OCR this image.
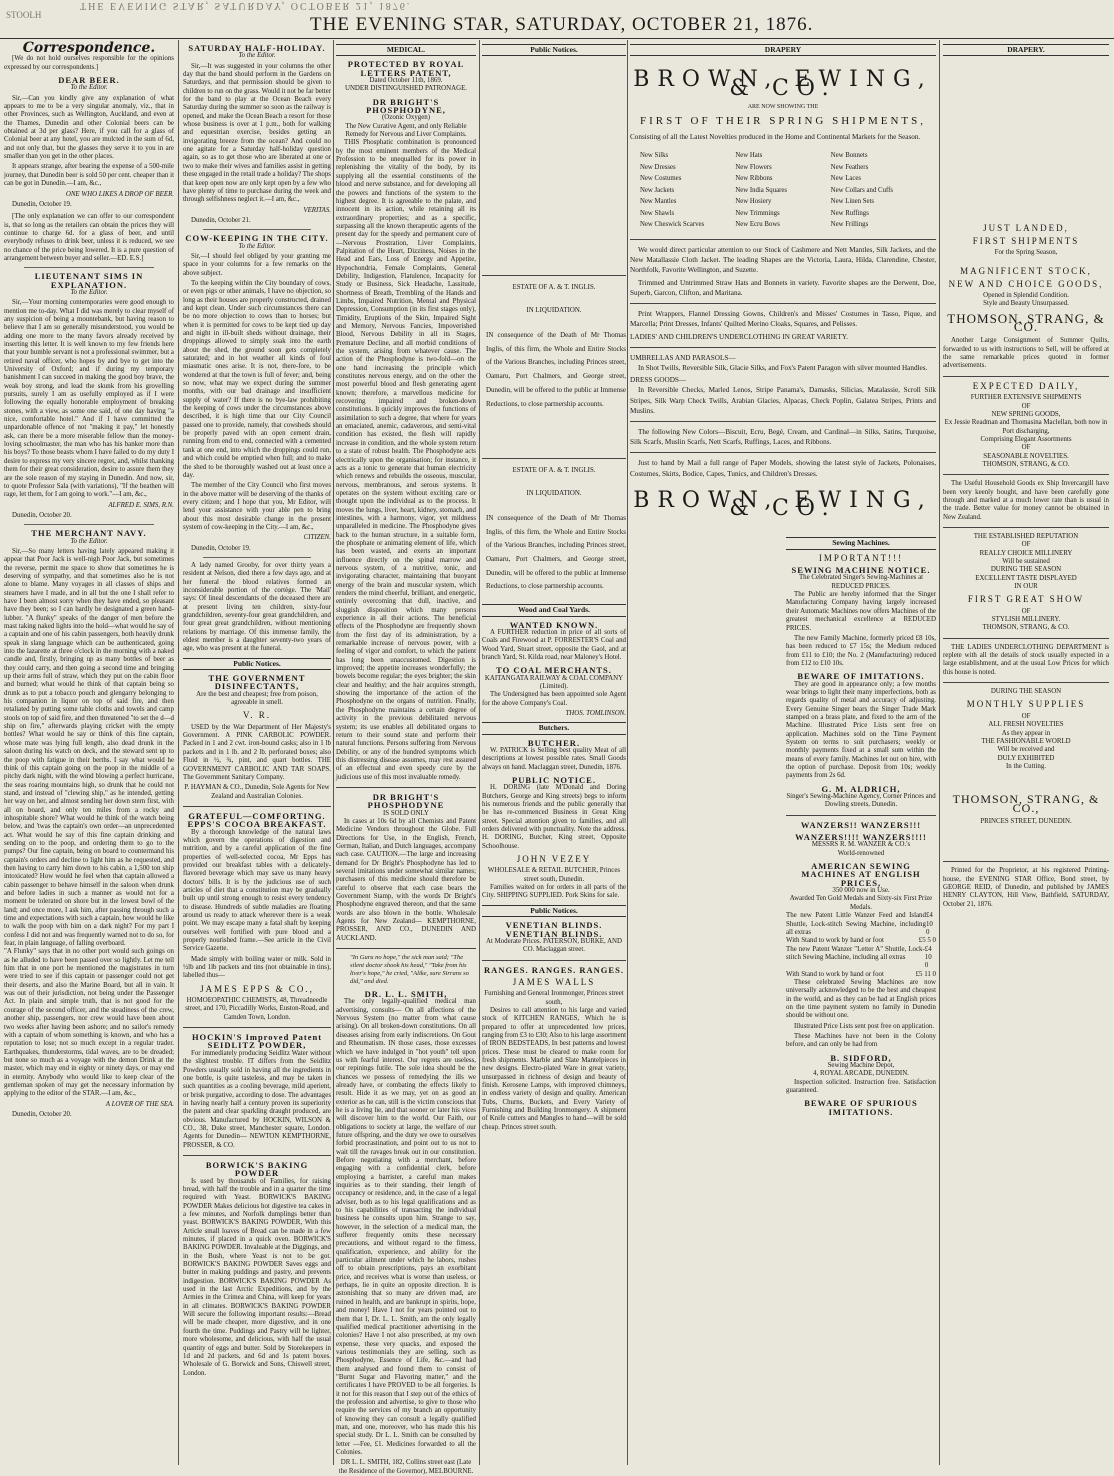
STOOLH
THE EVENING STAR, SATURDAY, OCTOBER 21, 1876.
THE EVENING STAR, SATURDAY, OCTOBER 21, 1876.
Correspondence.

[We do not hold ourselves responsible for the opinions expressed by our correspondents.]

DEAR BEER.
To the Editor.

Sir,—Can you kindly give any explanation of what appears to me to be a very singular anomaly, viz., that in other Provinces, such as Wellington, Auckland, and even at the Thames, Dunedin and other Colonial beers can be obtained at 3d per glass? Here, if you call for a glass of Colonial beer at any hotel, you are mulcted in the sum of 6d, and not only that, but the glasses they serve it to you in are smaller than you get in the other places.

It appears strange, after bearing the expense of a 500-mile journey, that Dunedin beer is sold 50 per cent. cheaper than it can be got in Dunedin.—I am, &c.,

ONE WHO LIKES A DROP OF BEER.
Dunedin, October 19.

[The only explanation we can offer to our correspondent is, that so long as the retailers can obtain the prices they will continue to charge 6d. for a glass of beer, and until everybody refuses to drink beer, unless it is reduced, we see no chance of the price being lowered. It is a pure question of arrangement between buyer and seller.—ED. E.S.]

LIEUTENANT SIMS IN EXPLANATION.
To the Editor.

Sir,—Your morning contemporaries were good enough to mention me to-day. What I did was merely to clear myself of any suspicion of being a mountebank, but having reason to believe that I am so generally misunderstood, you would be adding one more to the many favors already received by inserting this letter. It is well known to my few friends here that your humble servant is not a professional swimmer, but a retired naval officer, who hopes by and bye to get into the University of Oxford; and if during my temporary banishment I can succeed in making the good boy brave, the weak boy strong, and lead the skunk from his grovelling pursuits, surely I am as usefully employed as if I were following the equally honorable employment of breaking stones, with a view, as some one said, of one day having "a nice, comfortable hotel." And if I have committed the unpardonable offence of not "making it pay," let honestly ask, can there be a more miserable fellow than the money-loving schoolmaster, the man who has his banker more than his boys? To those beasts whom I have failed to do my duty I desire to express my very sincere regret, and, whilst thanking them for their great consideration, desire to assure them they are the sole reason of my staying in Dunedin. And now, sir, to quote Professor Sala (with variations), "If the heathen will rage, let them, for I am going to work."—I am, &c.,

ALFRED E. SIMS, R.N.
Dunedin, October 20.
THE MERCHANT NAVY.
To the Editor.

Sir,—So many letters having lately appeared making it appear that Poor Jack is well-nigh Poor Jack, but sometimes the reverse, permit me space to show that sometimes he is deserving of sympathy, and that sometimes also he is not alone to blame. Many voyages in all classes of ships and steamers have I made, and in all but the one I shall refer to have I been almost sorry when they have ended, so pleasant have they been; so I can hardly be designated a green hand-lubber. "A flunky" speaks of the danger of men before the mast taking naked lights into the hold—what would he say of a captain and one of his cabin passengers, both heavily drunk speak in slang language which can be authenticated, going into the lazarette at three o'clock in the morning with a naked candle and, firstly, bringing up as many bottles of beer as they could carry, and then going a second time and bringing up their arms full of straw, which they put on the cabin floor and burned; what would he think of that captain being so drunk as to put a tobacco pouch and glengarry belonging to his companion in liquor on top of said fire, and then retaliated by putting some table cloths and towels and camp stools on top of said fire, and then threatened "to set the d—d ship on fire," afterwards playing cricket with the empty bottles? What would he say or think of this fine captain, whose mate was lying full length, also dead drunk in the saloon during his watch on deck, and the steward sent up to the poop with fatigue in their berths. I say what would he think of this captain going on the poop in the middle of a pitchy dark night, with the wind blowing a perfect hurricane, the seas roaring mountains high, so drunk that he could not stand, and instead of "clewing ship," as he intended, getting her way on her, and almost sending her down stern first, with all on board, and only ten miles from a rocky and inhospitable shore? What would he think of the watch being below, and 'twas the captain's own order—an unprecedented act. What would he say of this fine captain drinking and sending on to the poop, and ordering them to go to the pumps? Our fine captain, being on board to countermand his captain's orders and decline to light him as he requested, and then having to carry him down to his cabin, a 1,500 ton ship intoxicated? How would he feel when that captain allowed a cabin passenger to behave himself in the saloon when drunk and before ladies in such a manner as would not for a moment be tolerated on shore but in the lowest bowl of the land; and once more, I ask him, after passing through such a time and expectations with such a captain, how would he like to walk the poop with him on a dark night? For my part I confess I did not and was frequently warned not to do so, for fear, in plain language, of falling overboard.
"A Flunky" says that in no other port would such goings on as he alluded to have been passed over so lightly. Let me tell him that in one port he mentioned the magistrates in turn were tried to see if this captain or passenger could not get their deserts, and also the Marine Board, but all in vain. It was out of their jurisdiction, not being under the Passenger Act. In plain and simple truth, that is not good for the courage of the second officer, and the steadiness of the crew, another ship, passengers, nor crew would have been about two weeks after having been ashore; and no sailor's remedy with a captain of whom something is known, and who has a reputation to lose; not so much except in a regular trader. Earthquakes, thunderstorms, tidal waves, are to be dreaded; but none so much as a voyage with the demon Drink at the master, which may end in eighty or ninety days, or may end in eternity. Anybody who would like to keep clear of the gentleman spoken of may get the necessary information by applying to the editor of the STAR.—I am, &c.,

A LOVER OF THE SEA.
Dunedin, October 20.
SATURDAY HALF-HOLIDAY.
To the Editor.

Sir,—It was suggested in your columns the other day that the band should perform in the Gardens on Saturdays, and that permission should be given to children to run on the grass. Would it not be far better for the band to play at the Ocean Beach every Saturday during the summer so soon as the railway is opened, and make the Ocean Beach a resort for those whose business is over at 1 p.m., both for walking and equestrian exercise, besides getting an invigorating breeze from the ocean? And could no one agitate for a Saturday half-holiday question again, so as to get those who are liberated at one or two to make their wives and families assist in getting these engaged in the retail trade a holiday? The shops that keep open now are only kept open by a few who have plenty of time to purchase during the week and through selfishness neglect it.—I am, &c.,

VERITAS.
Dunedin, October 21.
COW-KEEPING IN THE CITY.
To the Editor.

Sir,—I should feel obliged by your granting me space in your columns for a few remarks on the above subject.

To the keeping within the City boundary of cows, or even pigs or other animals, I have no objection, so long as their houses are properly constructed, drained and kept clean. Under such circumstances there can be no more objection to cows than to horses; but when it is permitted for cows to be kept tied up day and night in ill-built sheds without drainage, their droppings allowed to simply soak into the earth about the shed, the ground soon gets completely saturated; and in hot weather all kinds of foul miasmatic ones arise. It is not, there-fore, to be wondered at that the town is full of fever; and, being so now, what may we expect during the summer months, with our bad drainage and insufficient supply of water? If there is no bye-law prohibiting the keeping of cows under the circumstances above described, it is high time that our City Council passed one to provide, namely, that cowsheds should be properly paved with an open cement drain, running from end to end, connected with a cemented tank at one end, into which the droppings could run, and which could be emptied when full; and to make the shed to be thoroughly washed out at least once a day.

The member of the City Council who first moves in the above matter will be deserving of the thanks of every citizen; and I hope that you, Mr Editor, will lend your assistance with your able pen to bring about this most desirable change in the present system of cow-keeping in the City.—I am, &c.,

CITIZEN.
Dunedin, October 19.

A lady named Grooby, for over thirty years a resident at Nelson, died there a few days ago, and at her funeral the blood relatives formed an inconsiderable portion of the cortège. The 'Mail' says: Of lineal descendants of the deceased there are at present living ten children, sixty-four grandchildren, seventy-four great grandchildren, and four great great grandchildren, without mentioning relations by marriage. Of this immense family, the eldest member is a daughter seventy-two years of age, who was present at the funeral.

Public Notices.
THE GOVERNMENT DISINFECTANTS,
Are the best and cheapest; free from poison, agreeable in smell.
V. R.

USED by the War Department of Her Majesty's Government. A PINK CARBOLIC POWDER. Packed in 1 and 2 cwt. iron-bound casks; also in 1 lb packets and in 1 lb. and 2 lb. perforated boxes; also Fluid in ½, ¾, pint, and quart bottles. THE GOVERNMENT CARBOLIC AND TAR SOAPS. The Government Sanitary Company.

P. HAYMAN & CO., Dunedin, Sole Agents for New Zealand and Australian Colonies.
GRATEFUL—COMFORTING. EPPS'S COCOA BREAKFAST.

By a thorough knowledge of the natural laws which govern the operations of digestion and nutrition, and by a careful application of the fine properties of well-selected cocoa, Mr Epps has provided our breakfast tables with a delicately-flavored beverage which may save us many heavy doctors' bills. It is by the judicious use of such articles of diet that a constitution may be gradually built up until strong enough to resist every tendency to disease. Hundreds of subtle maladies are floating around us ready to attack wherever there is a weak point. We may escape many a fatal shaft by keeping ourselves well fortified with pure blood and a properly nourished frame.—See article in the Civil Service Gazette.

Made simply with boiling water or milk. Sold in ½lb and 1lb packets and tins (not obtainable in tins), labelled thus—

JAMES EPPS & CO.,
HOMOEOPATHIC CHEMISTS, 48, Threadneedle street, and 170, Piccadilly Works, Euston-Road, and Camden Town, London.
HOCKIN'S Improved Patent SEIDLITZ POWDER,

For immediately producing Seidlitz Water without the slightest trouble. IT differs from the Seidlitz Powders usually sold in having all the ingredients in one bottle, is quite tasteless, and may be taken in such quantities as a cooling beverage, mild aperient, or brisk purgative, according to dose. The advantages in having nearly half a century proven its superiority the patent and clear sparkling draught produced, are obvious. Manufactured by HOCKIN, WILSON & CO., 38, Duke street, Manchester square, London. Agents for Dunedin— NEWTON KEMPTHORNE, PROSSER, & CO.

BORWICK'S BAKING POWDER

Is used by thousands of Families, for raising bread, with half the trouble and in a quarter the time required with Yeast. BORWICK'S BAKING POWDER Makes delicious hot digestive tea cakes in a few minutes, and Norfolk dumplings better than yeast. BORWICK'S BAKING POWDER, With this Article small loaves of Bread can be made in a few minutes, if placed in a quick oven. BORWICK'S BAKING POWDER. Invaluable at the Diggings, and in the Bush, where Yeast is not to be got. BORWICK'S BAKING POWDER Saves eggs and butter in making puddings and pastry, and prevents indigestion. BORWICK'S BAKING POWDER As used in the last Arctic Expeditions, and by the Armies in the Crimea and China, will keep for years in all climates. BORWICK'S BAKING POWDER Will secure the following important results:—Bread will be made cheaper, more digestive, and in one fourth the time. Puddings and Pastry will be lighter, more wholesome, and delicious, with half the usual quantity of eggs and butter. Sold by Storekeepers in 1d and 2d packets, and 6d and 1s patent boxes. Wholesale of G. Borwick and Sons, Chiswell street, London.

MEDICAL.
PROTECTED BY ROYAL LETTERS PATENT,
Dated October 11th, 1869.
UNDER DISTINGUISHED PATRONAGE.
DR BRIGHT'S PHOSPHODYNE,
(Ozonic Oxygen)
The New Curative Agent, and only Reliable Remedy for Nervous and Liver Complaints.

THIS Phosphatic combination is pronounced by the most eminent members of the Medical Profession to be unequalled for its power in replenishing the vitality of the body, by its supplying all the essential constituents of the blood and nerve substance, and for developing all the powers and functions of the system to the highest degree. It is agreeable to the palate, and innocent in its action, while retaining all its extraordinary properties; and as a specific, surpassing all the known therapeutic agents of the present day for the speedy and permanent cure of—Nervous Prostration, Liver Complaints, Palpitation of the Heart, Dizziness, Noises in the Head and Ears, Loss of Energy and Appetite, Hypochondria, Female Complaints, General Debility, Indigestion, Flatulence, Incapacity for Study or Business, Sick Headache, Lassitude, Shortness of Breath, Trembling of the Hands and Limbs, Impaired Nutrition, Mental and Physical Depression, Consumption (in its first stages only), Timidity, Eruptions of the Skin, Impaired Sight and Memory, Nervous Fancies, Impoverished Blood, Nervous Debility in all its Stages, Premature Decline, and all morbid conditions of the system, arising from whatever cause. The action of the Phosphodyne is two-fold—on the one hand increasing the principle which constitutes nervous energy, and on the other the most powerful blood and flesh generating agent known; therefore, a marvellous medicine for recovering impaired and broken-down constitutions. It quickly improves the functions of assimilation to such a degree, that where for years an emaciated, anemic, cadaverous, and semi-vital condition has existed, the flesh will rapidly increase in condition, and the whole system return to a state of robust health. The Phosphodyne acts electrically upon the organisation; for instance, it acts as a tonic to generate that human electricity which renews and rebuilds the osseous, muscular, nervous, membranous, and serous systems. It operates on the system without exciting care or thought upon the individual as to the process. It moves the lungs, liver, heart, kidney, stomach, and intestines, with a harmony, vigor, yet mildness unparalleled in medicine. The Phosphodyne gives back to the human structure, in a suitable form, the phosphate or animating element of life, which has been wasted, and exerts an important influence directly on the spinal marrow and nervous system, of a nutritive, tonic, and invigorating character, maintaining that buoyant energy of the brain and muscular system, which renders the mind cheerful, brilliant, and energetic, entirely overcoming that dull, inactive, and sluggish disposition which many persons experience in all their actions. The beneficial effects of the Phosphodyne are frequently shown from the first day of its administration, by a remarkable increase of nervous power, with a feeling of vigor and comfort, to which the patient has long been unaccustomed. Digestion is improved; the appetite increases wonderfully; the bowels become regular; the eyes brighter; the skin clear and healthy; and the hair acquires strength, showing the importance of the action of the Phosphodyne on the organs of nutrition. Finally, the Phosphodyne maintains a certain degree of activity in the previous debilitated nervous system; its use enables all debilitated organs to return to their sound state and perform their natural functions. Persons suffering from Nervous Debility, or any of the hundred symptoms which this distressing disease assumes, may rest assured of an effectual and even speedy cure by the judicious use of this most invaluable remedy.

DR BRIGHT'S PHOSPHODYNE
IS SOLD ONLY

In cases at 10s 6d by all Chemists and Patent Medicine Vendors throughout the Globe. Full Directions for Use, in the English, French, German, Italian, and Dutch languages, accompany each case. CAUTION.—The large and increasing demand for Dr Bright's Phosphodyne has led to several imitations under somewhat similar names; purchasers of this medicine should therefore be careful to observe that each case bears the Government Stamp, with the words Dr Bright's Phosphodyne engraved thereon, and that the same words are also blown in the bottle. Wholesale Agents for New Zealand— KEMPTHORNE, PROSSER, AND CO., DUNEDIN AND AUCKLAND.

"In Guru no hope," the sick man said; "The silent doctor shook his head," "Take from his liver's hope," he cried, "Alike, sure Sirrans so did," and died.
DR. L. L. SMITH,

The only legally-qualified medical man advertising, consults— On all affections of the Nervous System (no matter from what cause arising). On all broken-down constitutions. On all diseases arising from early indiscretions. On Gout and Rheumatism. IN those cases, those excesses which we have indulged in "hot youth" tell upon us with fearful interest. Our regrets are useless, our repinings futile. The sole idea should be the chances we possess of remedying the ills we already have, or combating the effects likely to result. Hide it as we may, yet on as good an exterior as he can, still is the victim conscious that he is a living lie, and that sooner or later his vices will discover him to the world. Our Faith, our obligations to society at large, the welfare of our future offspring, and the duty we owe to ourselves forbid procrastination, and point out to us not to wait till the ravages break out in our constitution. Before negotiating with a merchant, before engaging with a confidential clerk, before employing a barrister, a careful man makes inquiries as to their standing, their length of occupancy or residence, and, in the case of a legal adviser, both as to his legal qualifications and as to his capabilities of transacting the individual business he consults upon him. Strange to say, however, in the selection of a medical man, the sufferer frequently omits these necessary precautions, and without regard to the fitness, qualification, experience, and ability for the particular ailment under which he labors, rushes off to obtain prescriptions, pays an exorbitant price, and receives what is worse than useless, or perhaps, lie in quite an opposite direction. It is astonishing that so many are driven mad, are ruined in health, and are bankrupt in spirits, hope, and money! Have I not for years pointed out to them that I, Dr. L. L. Smith, am the only legally qualified medical practitioner advertising in the colonies? Have I not also prescribed, at my own expense, these very quacks, and exposed the various testimonials they are selling, such as Phosphodyne, Essence of Life, &c.—and had them analysed and found them to consist of "Burnt Sugar and Flavoring matter," and the certificates I have PROVED to be all forgeries. Is it not for this reason that I step out of the ethics of the profession and advertise, to give to those who require the services of my branch an opportunity of knowing they can consult a legally qualified man, and one, moreover, who has made this his special study. Dr L. L. Smith can be consulted by letter —Fee, £1. Medicines forwarded to all the Colonies.

DR L. L. SMITH, 182, Collins street east (Late the Residence of the Governor), MELBOURNE.
Public Notices.
ESTATE OF A. & T. INGLIS.
IN LIQUIDATION.
IN consequence of the Death of Mr Thomas Inglis, of this firm, the Whole and Entire Stocks of the Various Branches, including Princes street, Oamaru, Port Chalmers, and George street, Dunedin, will be offered to the public at Immense Reductions, to close partnership accounts.
ESTATE OF A. & T. INGLIS.
IN LIQUIDATION.
IN consequence of the Death of Mr Thomas Inglis, of this firm, the Whole and Entire Stocks of the Various Branches, including Princes street, Oamaru, Port Chalmers, and George street, Dunedin, will be offered to the public at Immense Reductions, to close partnership accounts.
Wood and Coal Yards.
WANTED KNOWN.

A FURTHER reduction in price of all sorts of Coals and Firewood at P. FORRESTER'S Coal and Wood Yard, Stuart street, opposite the Gaol, and at branch Yard, St. Kilda road, near Maloney's Hotel.

TO COAL MERCHANTS.
KAITANGATA RAILWAY & COAL COMPANY (Limited).

The Undersigned has been appointed sole Agent for the above Company's Coal.

THOS. TOMLINSON.
Butchers.
BUTCHER.

W. PATRICK is Selling best quality Meat of all descriptions at lowest possible rates. Small Goods always on hand. Maclaggan street, Dunedin, 1876.

PUBLIC NOTICE.

H. DORING (late M'Donald and Doring Butchers, George and King streets) begs to inform his numerous friends and the public generally that he has re-commenced Business in Great King street. Special attention given to families, and all orders delivered with punctuality. Note the address. H. DORING, Butcher, King street, Opposite Schoolhouse.

JOHN VEZEY
WHOLESALE & RETAIL BUTCHER, Princes street south, Dunedin.

Families waited on for orders in all parts of the City. SHIPPING SUPPLIED. Pork Skins for sale.

Public Notices.
VENETIAN BLINDS. VENETIAN BLINDS.
At Moderate Prices. PATERSON, BURKE, AND CO. Maclaggan street.
RANGES. RANGES. RANGES.
JAMES WALLS
Furnishing and General Ironmonger, Princes street south,

Desires to call attention to his large and varied stock of KITCHEN RANGES, Which he is prepared to offer at unprecedented low prices, ranging from £3 to £30; Also to his large assortment of IRON BEDSTEADS, In best patterns and lowest prices. These must be cleared to make room for fresh shipments. Marble and Slate Mantelpieces in new designs. Electro-plated Ware in great variety, unsurpassed in richness of design and beauty of finish. Kerosene Lamps, with improved chimneys, in endless variety of design and quality. American Tubs, Churns, Buckets, and Every Variety of Furnishing and Building Ironmongery. A shipment of Knife cutters and Mangles to hand—will be sold cheap. Princes street south.

DRAPERY
BROWN, EWING, & CO.
ARE NOW SHOWING THE
FIRST OF THEIR SPRING SHIPMENTS,
Consisting of all the Latest Novelties produced in the Home and Continental Markets for the Season.
New Silks
New Dresses
New Costumes
New Jackets
New Mantles
New Shawls
New Cheswick Scarves
New Hats
New Flowers
New Ribbons
New India Squares
New Hosiery
New Trimmings
New Ecru Bows
New Bonnets
New Feathers
New Laces
New Collars and Cuffs
New Linen Sets
New Ruffings
New Frillings

We would direct particular attention to our Stock of Cashmere and Nett Mantles, Silk Jackets, and the New Matallassie Cloth Jacket. The leading Shapes are the Victoria, Laura, Hilda, Clarendine, Chester, Northfolk, Favorite Wellington, and Suzette.

Trimmed and Untrimmed Straw Hats and Bonnets in variety. Favorite shapes are the Derwent, Doe, Superb, Garcon, Clifton, and Maritana.

Print Wrappers, Flannel Dressing Gowns, Children's and Misses' Costumes in Tasso, Pique, and Marcella; Print Dresses, Infants' Quilted Merino Cloaks, Squares, and Pelisses.

LADIES' AND CHILDREN'S UNDERCLOTHING IN GREAT VARIETY.
UMBRELLAS AND PARASOLS—

In Shot Twills, Reversible Silk, Glacie Silks, and Fox's Patent Paragon with silver mounted Handles.

DRESS GOODS—

In Reversible Checks, Marled Lenos, Stripe Panama's, Damasks, Silicias, Matalassie, Scroll Silk Stripes, Silk Warp Check Twills, Arabian Glacies, Alpacas, Check Poplin, Galatea Stripes, Prints and Muslins.

The following New Colors—Biscuit, Ecru, Begé, Cream, and Cardinal—in Silks, Satins, Turquoise, Silk Scarfs, Muslin Scarfs, Nett Scarfs, Ruffings, Laces, and Ribbons.

Just to hand by Mail a full range of Paper Models, showing the latest style of Jackets, Polonaises, Costumes, Skirts, Bodice, Capes, Tunics, and Children's Dresses.

BROWN, EWING, & CO.
Sewing Machines.
IMPORTANT!!!
SEWING MACHINE NOTICE.
The Celebrated Singer's Sewing-Machines at REDUCED PRICES.

The Public are hereby informed that the Singer Manufacturing Company having largely increased their Automatic Machines now offers Machines of the greatest mechanical excellence at REDUCED PRICES.

The new Family Machine, formerly priced £8 10s, has been reduced to £7 15s; the Medium reduced from £11 to £10; the No. 2 (Manufacturing) reduced from £12 to £10 10s.

BEWARE OF IMITATIONS.

They are good in appearance only; a few months wear brings to light their many imperfections, both as regards quality of metal and accuracy of adjusting. Every Genuine Singer bears the Singer Trade Mark stamped on a brass plate, and fixed to the arm of the Machine. Illustrated Price Lists sent free on application. Machines sold on the Time Payment System on terms to suit purchasers; weekly or monthly payments fixed at a small sum within the means of every family. Machines let out on hire, with the option of purchase. Deposit from 10s; weekly payments from 2s 6d.

G. M. ALDRICH,
Singer's Sewing-Machine Agency, Corner Princes and Dowling streets, Dunedin.
WANZERS!! WANZERS!!!
WANZERS!!!! WANZERS!!!!
MESSRS R. M. WANZER & CO.'s
World-renowned
AMERICAN SEWING MACHINES AT ENGLISH PRICES,
350 000 now in Use.
Awarded Ten Gold Medals and Sixty-six First Prize Medals.
The new Patent Little Wanzer Feed and Island Shuttle, Lock-stitch Sewing Machine, including all extras
£4 10 0
With Stand to work by hand or foot	£5 5 0
The new Patent Wanzer "Letter A" Shuttle, Lock-stitch Sewing Machine, including all extras
£4 10 0
With Stand to work by hand or foot	£5 11 0

These celebrated Sewing Machines are now universally acknowledged to be the best and cheapest in the world, and as they can be had at English prices on the time payment system no family in Dunedin should be without one.

Illustrated Price Lists sent post free on application.

These Machines have not been in the Colony before, and can only be had from

B. SIDFORD,
Sewing Machine Depot,
4, ROYAL ARCADE, DUNEDIN.

Inspection solicited. Instruction free. Satisfaction guaranteed.

BEWARE OF SPURIOUS IMITATIONS.
DRAPERY.
JUST LANDED,
FIRST SHIPMENTS
For the Spring Season,
MAGNIFICENT STOCK,
NEW AND CHOICE GOODS,
Opened in Splendid Condition.
Style and Beauty Unsurpassed.
THOMSON, STRANG, & CO.

Another Large Consignment of Summer Quilts, forwarded to us with instructions to Sell, will be offered at the same remarkable prices quoted in former advertisements.

EXPECTED DAILY,
FURTHER EXTENSIVE SHIPMENTS
OF
NEW SPRING GOODS,
Ex Jessie Readman and Thomasina Maclellan, both now in Port discharging,
Comprising Elegant Assortments
OF
SEASONABLE NOVELTIES.
THOMSON, STRANG, & CO.

The Useful Household Goods ex Ship Invercargill have been very keenly bought, and have been carefully gone through and marked at a much lower rate than is usual in the trade. Better value for money cannot be obtained in New Zealand.

THE ESTABLISHED REPUTATION
OF
REALLY CHOICE MILLINERY
Will be sustained
DURING THE SEASON
EXCELLENT TASTE DISPLAYED
IN OUR
FIRST GREAT SHOW
OF
STYLISH MILLINERY.
THOMSON, STRANG, & CO.

THE LADIES UNDERCLOTHING DEPARTMENT is replete with all the details of stock usually expected in a large establishment, and at the usual Low Prices for which this house is noted.

DURING THE SEASON
MONTHLY SUPPLIES
OF
ALL FRESH NOVELTIES
As they appear in
THE FASHIONABLE WORLD
Will be received and
DULY EXHIBITED
In the Cutting.
THOMSON, STRANG, & CO.,
PRINCES STREET, DUNEDIN.

Printed for the Proprietor, at his registered Printing-house, the EVENING STAR Office, Bond street, by GEORGE REID, of Dunedin, and published by JAMES HENRY CLAYTON, Hill View, Bathfield, SATURDAY, October 21, 1876.
